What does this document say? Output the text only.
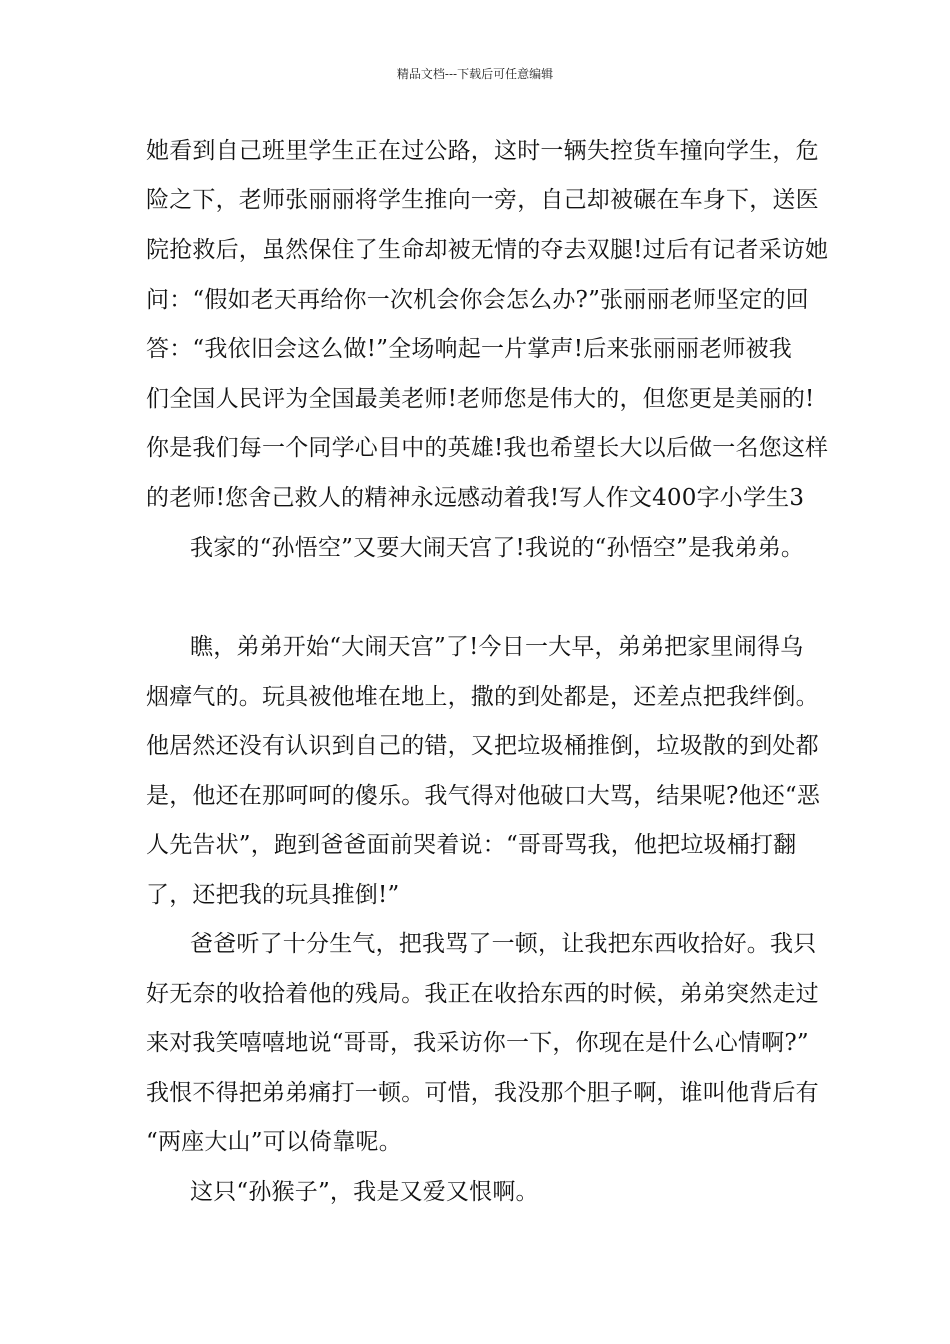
精品文档---下载后可任意编辑
她看到自己班里学生正在过公路，这时一辆失控货车撞向学生，危
险之下，老师张丽丽将学生推向一旁，自己却被碾在车身下，送医
院抢救后，虽然保住了生命却被无情的夺去双腿!过后有记者采访她
问：“假如老天再给你一次机会你会怎么办?”张丽丽老师坚定的回
答：“我依旧会这么做!”全场响起一片掌声!后来张丽丽老师被我
们全国人民评为全国最美老师!老师您是伟大的，但您更是美丽的!
你是我们每一个同学心目中的英雄!我也希望长大以后做一名您这样
的老师!您舍己救人的精神永远感动着我!写人作文400字小学生3
我家的“孙悟空”又要大闹天宫了!我说的“孙悟空”是我弟弟。
瞧，弟弟开始“大闹天宫”了!今日一大早，弟弟把家里闹得乌
烟瘴气的。玩具被他堆在地上，撒的到处都是，还差点把我绊倒。
他居然还没有认识到自己的错，又把垃圾桶推倒，垃圾散的到处都
是，他还在那呵呵的傻乐。我气得对他破口大骂，结果呢?他还“恶
人先告状”，跑到爸爸面前哭着说：“哥哥骂我，他把垃圾桶打翻
了，还把我的玩具推倒!”
爸爸听了十分生气，把我骂了一顿，让我把东西收拾好。我只
好无奈的收拾着他的残局。我正在收拾东西的时候，弟弟突然走过
来对我笑嘻嘻地说“哥哥，我采访你一下，你现在是什么心情啊?”
我恨不得把弟弟痛打一顿。可惜，我没那个胆子啊，谁叫他背后有
“两座大山”可以倚靠呢。
这只“孙猴子”，我是又爱又恨啊。
